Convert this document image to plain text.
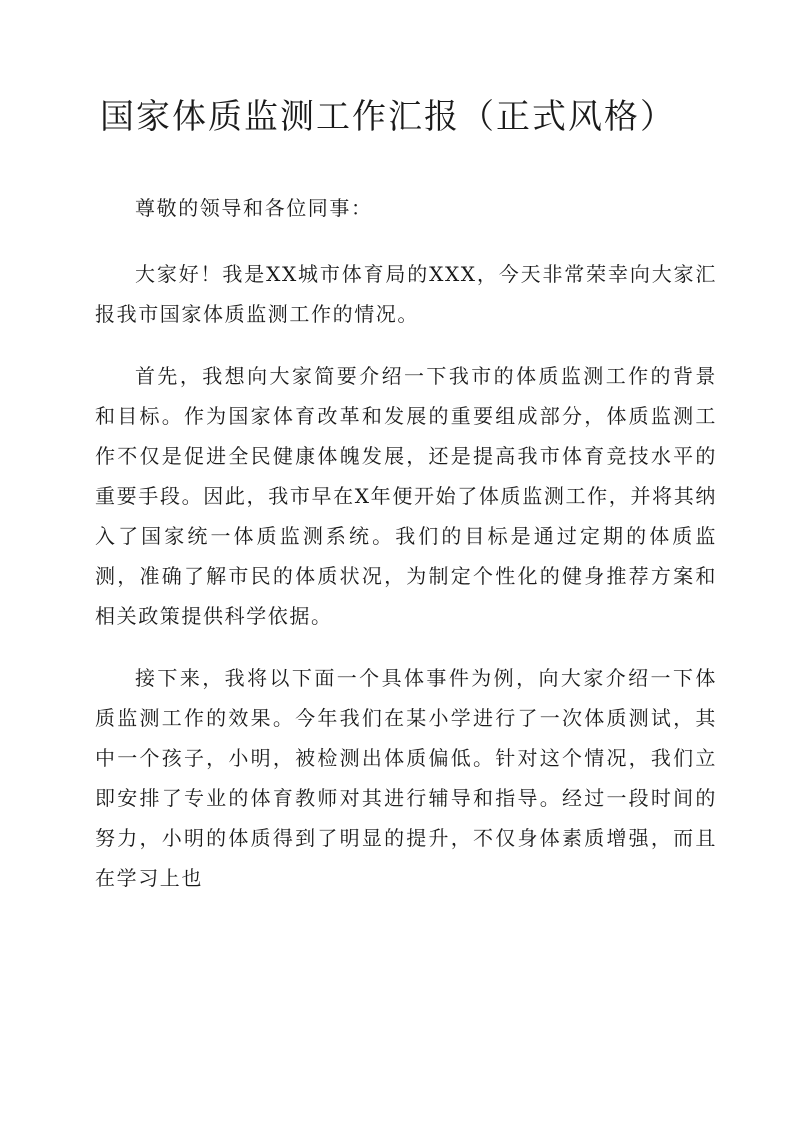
国家体质监测工作汇报（正式风格）

尊敬的领导和各位同事：

大家好！我是XX城市体育局的XXX，今天非常荣幸向大家汇报我市国家体质监测工作的情况。

首先，我想向大家简要介绍一下我市的体质监测工作的背景和目标。作为国家体育改革和发展的重要组成部分，体质监测工作不仅是促进全民健康体魄发展，还是提高我市体育竞技水平的重要手段。因此，我市早在X年便开始了体质监测工作，并将其纳入了国家统一体质监测系统。我们的目标是通过定期的体质监测，准确了解市民的体质状况，为制定个性化的健身推荐方案和相关政策提供科学依据。

接下来，我将以下面一个具体事件为例，向大家介绍一下体质监测工作的效果。今年我们在某小学进行了一次体质测试，其中一个孩子，小明，被检测出体质偏低。针对这个情况，我们立即安排了专业的体育教师对其进行辅导和指导。经过一段时间的努力，小明的体质得到了明显的提升，不仅身体素质增强，而且在学习上也
